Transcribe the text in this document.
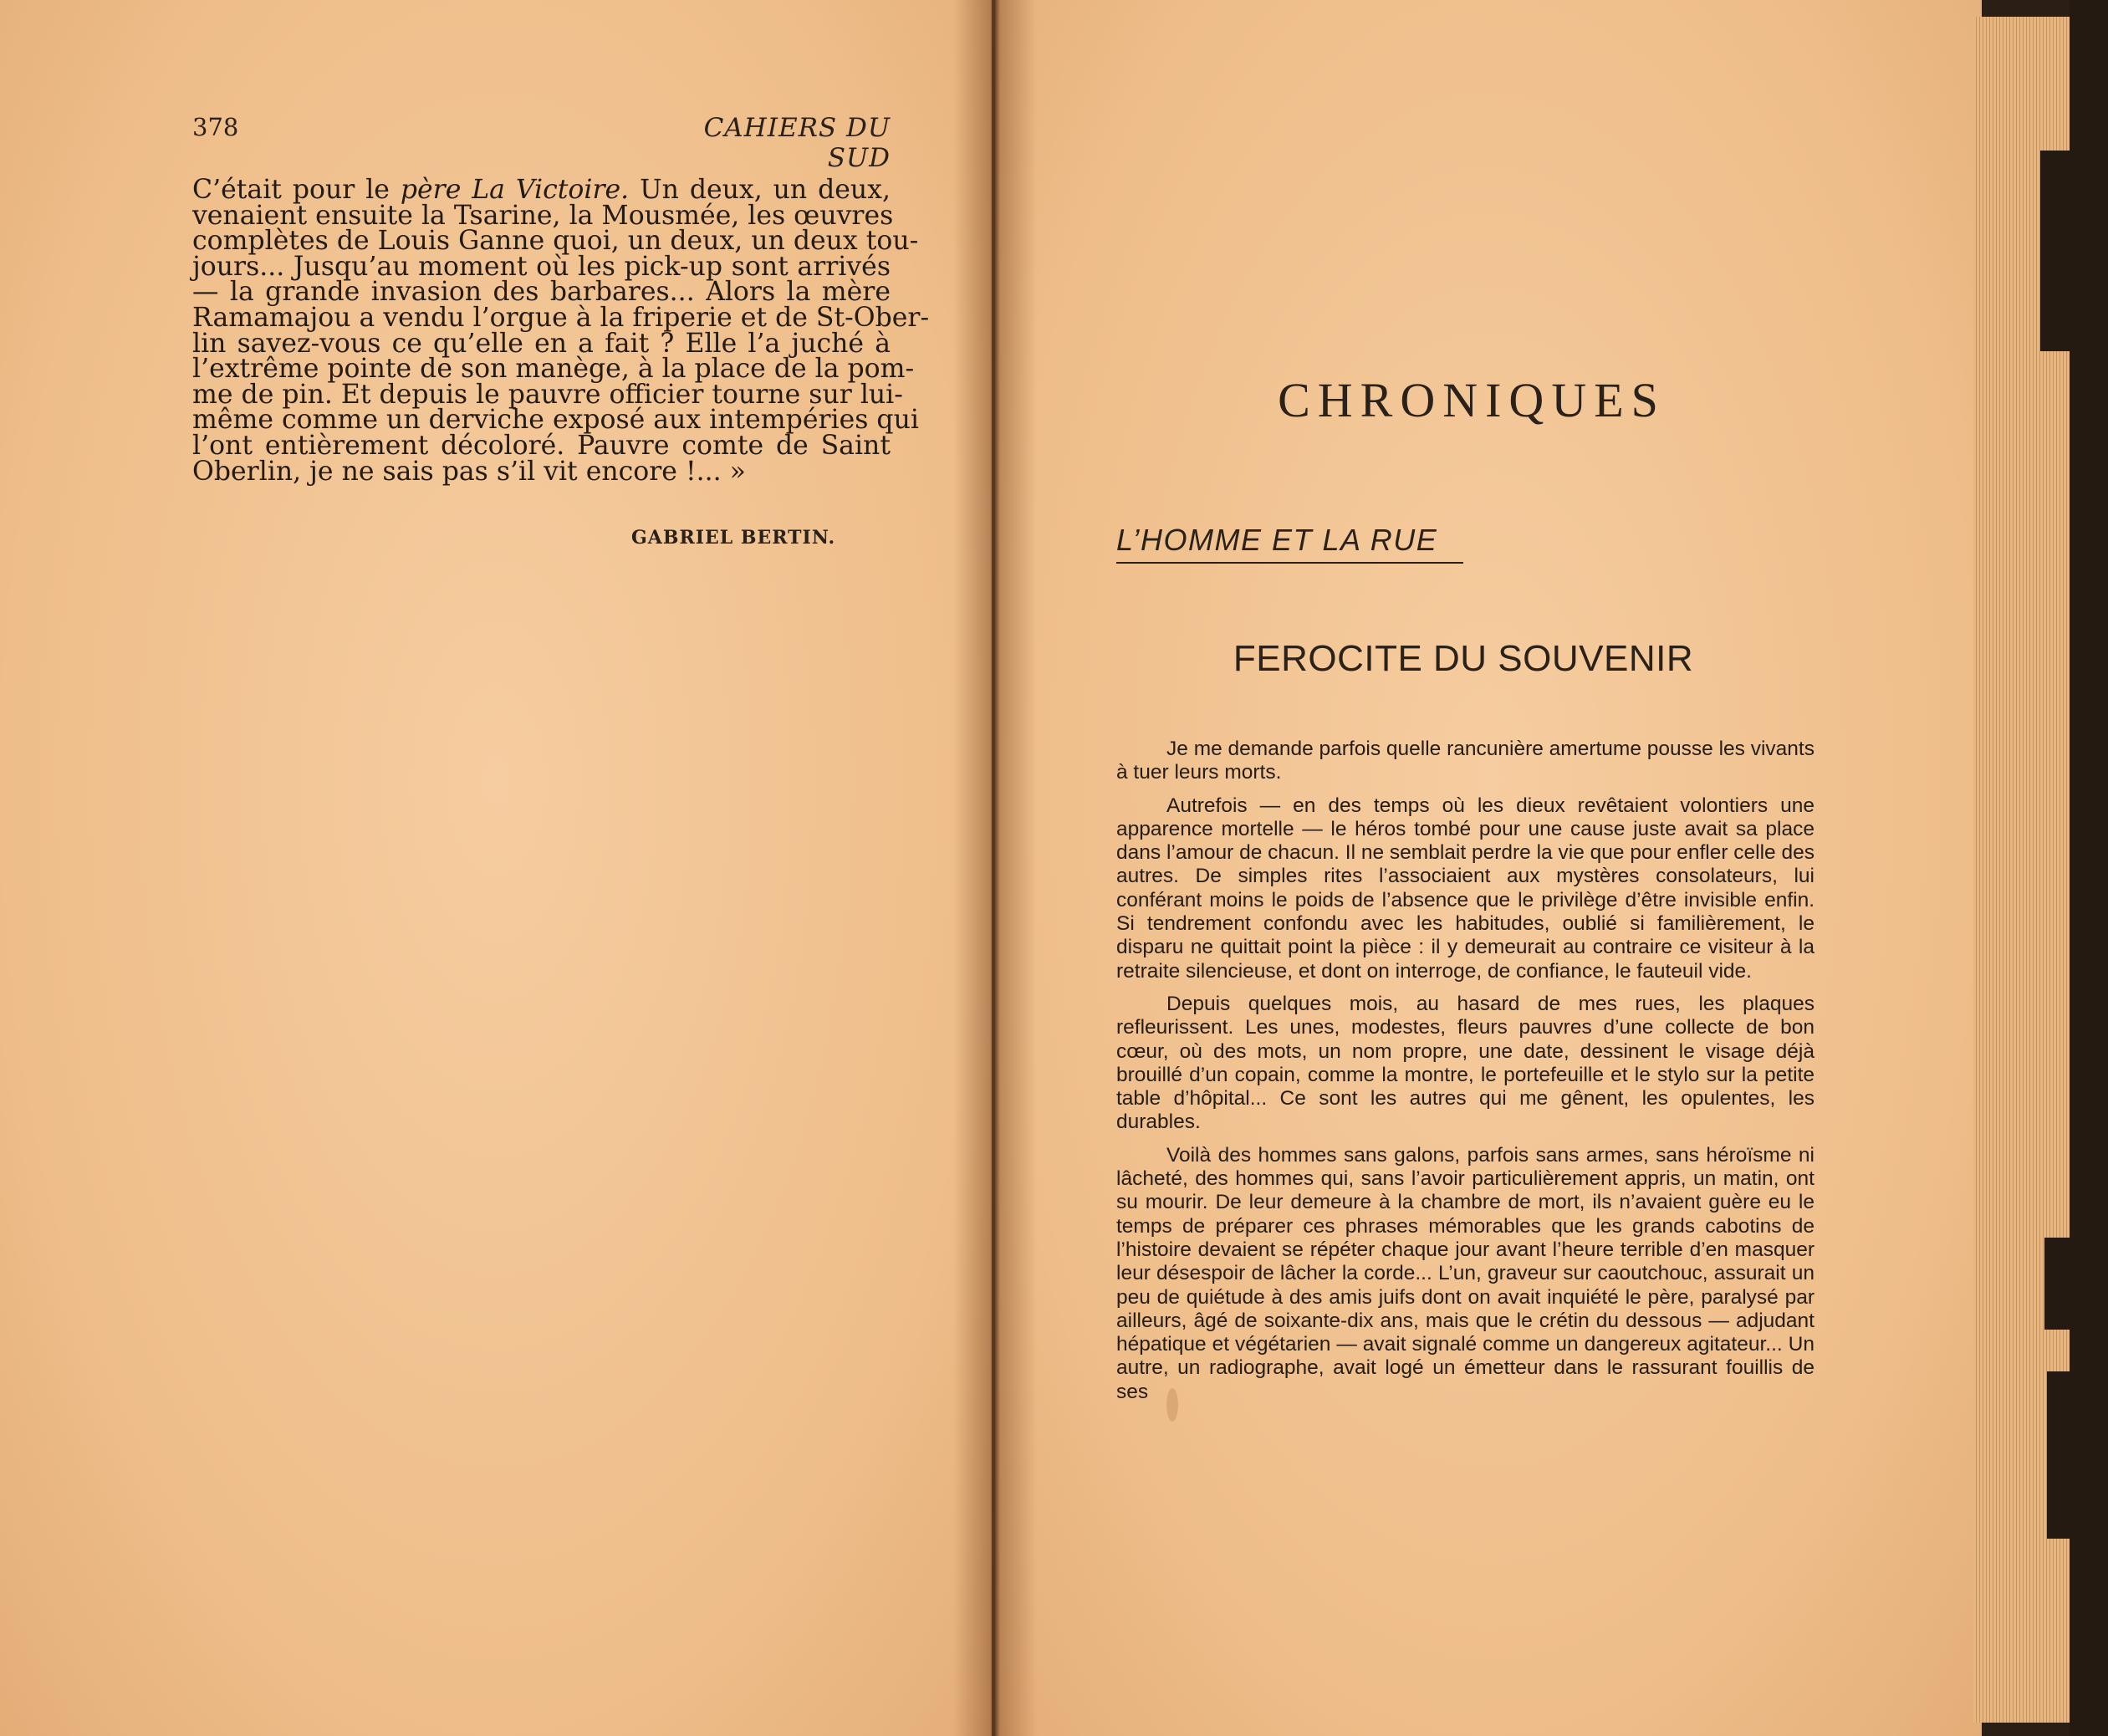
378	CAHIERS DU SUD
C’était pour le père La Victoire. Un deux, un deux,
venaient ensuite la Tsarine, la Mousmée, les œuvres
complètes de Louis Ganne quoi, un deux, un deux tou-
jours... Jusqu’au moment où les pick-up sont arrivés
— la grande invasion des barbares... Alors la mère
Ramamajou a vendu l’orgue à la friperie et de St-Ober-
lin savez-vous ce qu’elle en a fait ? Elle l’a juché à
l’extrême pointe de son manège, à la place de la pom-
me de pin. Et depuis le pauvre officier tourne sur lui-
même comme un derviche exposé aux intempéries qui
l’ont entièrement décoloré. Pauvre comte de Saint
Oberlin, je ne sais pas s’il vit encore !... »
GABRIEL BERTIN.
CHRONIQUES
L’HOMME ET LA RUE
FEROCITE DU SOUVENIR

Je me demande parfois quelle rancunière amertume pousse les vivants à tuer leurs morts.

Autrefois — en des temps où les dieux revêtaient volontiers une apparence mortelle — le héros tombé pour une cause juste avait sa place dans l’amour de chacun. Il ne semblait perdre la vie que pour enfler celle des autres. De simples rites l’associaient aux mystères consolateurs, lui conférant moins le poids de l’absence que le privilège d’être invisible enfin. Si tendrement confondu avec les habitudes, oublié si familièrement, le disparu ne quittait point la pièce : il y demeurait au contraire ce visiteur à la retraite silencieuse, et dont on interroge, de confiance, le fauteuil vide.

Depuis quelques mois, au hasard de mes rues, les plaques refleurissent. Les unes, modestes, fleurs pauvres d’une collecte de bon cœur, où des mots, un nom propre, une date, dessinent le visage déjà brouillé d’un copain, comme la montre, le portefeuille et le stylo sur la petite table d’hôpital... Ce sont les autres qui me gênent, les opulentes, les durables.

Voilà des hommes sans galons, parfois sans armes, sans héroïsme ni lâcheté, des hommes qui, sans l’avoir particulièrement appris, un matin, ont su mourir. De leur demeure à la chambre de mort, ils n’avaient guère eu le temps de préparer ces phrases mémorables que les grands cabotins de l’histoire devaient se répéter chaque jour avant l’heure terrible d’en masquer leur désespoir de lâcher la corde... L’un, graveur sur caoutchouc, assurait un peu de quiétude à des amis juifs dont on avait inquiété le père, paralysé par ailleurs, âgé de soixante-dix ans, mais que le crétin du dessous — adjudant hépatique et végétarien — avait signalé comme un dangereux agitateur... Un autre, un radiographe, avait logé un émetteur dans le rassurant fouillis de ses
